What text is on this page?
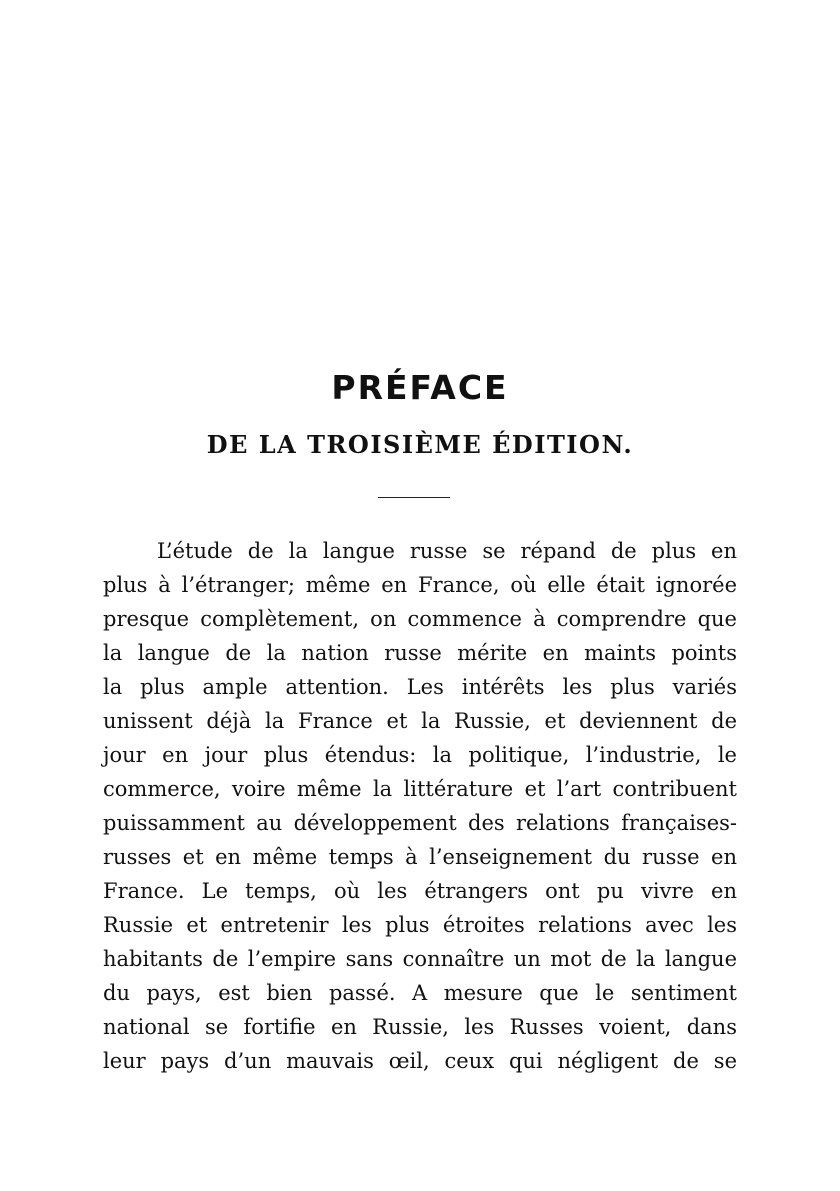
PRÉFACE
DE LA TROISIÈME ÉDITION.
L’étude de la langue russe se répand de plus en
plus à l’étranger; même en France, où elle était ignorée
presque complètement, on commence à comprendre que
la langue de la nation russe mérite en maints points
la plus ample attention. Les intérêts les plus variés
unissent déjà la France et la Russie, et deviennent de
jour en jour plus étendus: la politique, l’industrie, le
commerce, voire même la littérature et l’art contribuent
puissamment au développement des relations françaises-
russes et en même temps à l’enseignement du russe en
France. Le temps, où les étrangers ont pu vivre en
Russie et entretenir les plus étroites relations avec les
habitants de l’empire sans connaître un mot de la langue
du pays, est bien passé. A mesure que le sentiment
national se fortifie en Russie, les Russes voient, dans
leur pays d’un mauvais œil, ceux qui négligent de se
